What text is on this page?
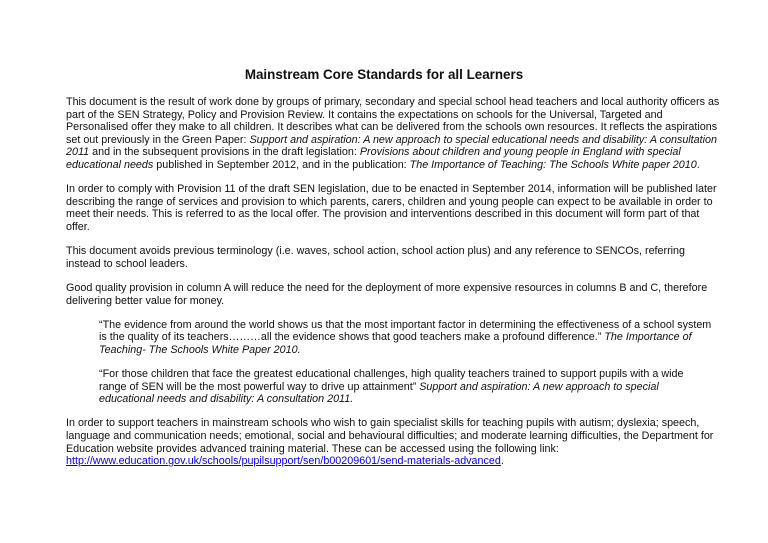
Mainstream Core Standards for all Learners

This document is the result of work done by groups of primary, secondary and special school head teachers and local authority officers as part of the SEN Strategy, Policy and Provision Review. It contains the expectations on schools for the Universal, Targeted and Personalised offer they make to all children. It describes what can be delivered from the schools own resources. It reflects the aspirations set out previously in the Green Paper: Support and aspiration: A new approach to special educational needs and disability: A consultation 2011 and in the subsequent provisions in the draft legislation: Provisions about children and young people in England with special educational needs published in September 2012, and in the publication: The Importance of Teaching: The Schools White paper 2010.

In order to comply with Provision 11 of the draft SEN legislation, due to be enacted in September 2014, information will be published later describing the range of services and provision to which parents, carers, children and young people can expect to be available in order to meet their needs. This is referred to as the local offer. The provision and interventions described in this document will form part of that offer.

This document avoids previous terminology (i.e. waves, school action, school action plus) and any reference to SENCOs, referring instead to school leaders.

Good quality provision in column A will reduce the need for the deployment of more expensive resources in columns B and C, therefore delivering better value for money.

“The evidence from around the world shows us that the most important factor in determining the effectiveness of a school system is the quality of its teachers………all the evidence shows that good teachers make a profound difference.” The Importance of Teaching- The Schools White Paper 2010.

“For those children that face the greatest educational challenges, high quality teachers trained to support pupils with a wide range of SEN will be the most powerful way to drive up attainment” Support and aspiration: A new approach to special educational needs and disability: A consultation 2011.

In order to support teachers in mainstream schools who wish to gain specialist skills for teaching pupils with autism; dyslexia; speech, language and communication needs; emotional, social and behavioural difficulties; and moderate learning difficulties, the Department for Education website provides advanced training material. These can be accessed using the following link: http://www.education.gov.uk/schools/pupilsupport/sen/b00209601/send-materials-advanced.
